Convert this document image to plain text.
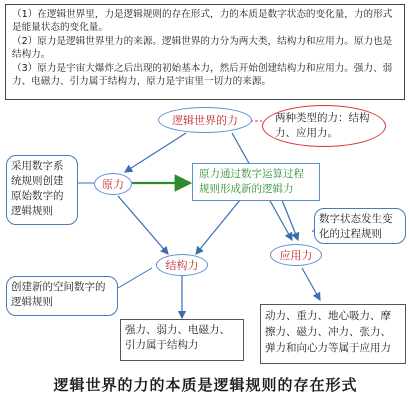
（1）在逻辑世界里，力是逻辑规则的存在形式，力的本质是数字状态的变化量，力的形式是能量状态的变化量。

（2）原力是逻辑世界里力的来源。逻辑世界的力分为两大类，结构力和应用力。原力也是结构力。

（3）原力是宇宙大爆炸之后出现的初始基本力，然后开始创建结构力和应用力。强力、弱力、电磁力、引力属于结构力，原力是宇宙里一切力的来源。

逻辑世界的力	两种类型的力：结构力、应用力。
采用数字系统规则创建原始数字的逻辑规则
原力
原力通过数字运算过程规则形成新的逻辑力
数字状态发生变化的过程规则
结构力
应用力
创建新的空间数字的逻辑规则
强力、弱力、电磁力、引力属于结构力
动力、重力、地心吸力、摩擦力、磁力、冲力、张力、弹力和向心力等属于应用力
逻辑世界的力的本质是逻辑规则的存在形式
